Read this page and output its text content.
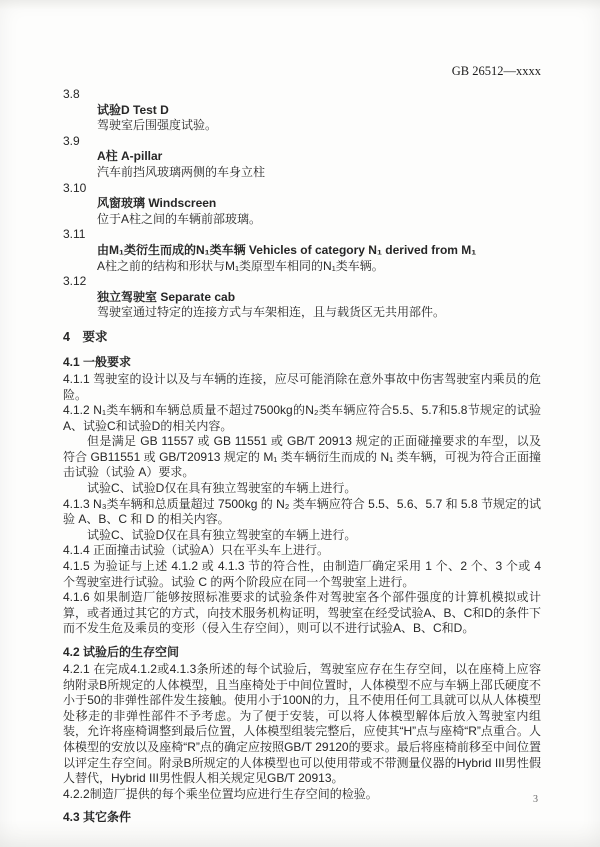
GB 26512—xxxx
3.8
试验D Test D
驾驶室后围强度试验。
3.9
A柱 A-pillar
汽车前挡风玻璃两侧的车身立柱
3.10
风窗玻璃 Windscreen
位于A柱之间的车辆前部玻璃。
3.11
由M₁类衍生而成的N₁类车辆 Vehicles of category N₁ derived from M₁
A柱之前的结构和形状与M₁类原型车相同的N₁类车辆。
3.12
独立驾驶室 Separate cab
驾驶室通过特定的连接方式与车架相连，且与载货区无共用部件。
4　要求
4.1 一般要求

4.1.1 驾驶室的设计以及与车辆的连接，应尽可能消除在意外事故中伤害驾驶室内乘员的危险。

4.1.2 N₁类车辆和车辆总质量不超过7500kg的N₂类车辆应符合5.5、5.7和5.8节规定的试验A、试验C和试验D的相关内容。

但是满足 GB 11557 或 GB 11551 或 GB/T 20913 规定的正面碰撞要求的车型，以及符合 GB11551 或 GB/T20913 规定的 M₁ 类车辆衍生而成的 N₁ 类车辆，可视为符合正面撞击试验（试验 A）要求。

试验C、试验D仅在具有独立驾驶室的车辆上进行。

4.1.3 N₃类车辆和总质量超过 7500kg 的 N₂ 类车辆应符合 5.5、5.6、5.7 和 5.8 节规定的试验 A、B、C 和 D 的相关内容。

试验C、试验D仅在具有独立驾驶室的车辆上进行。

4.1.4 正面撞击试验（试验A）只在平头车上进行。

4.1.5 为验证与上述 4.1.2 或 4.1.3 节的符合性，由制造厂确定采用 1 个、2 个、3 个或 4 个驾驶室进行试验。试验 C 的两个阶段应在同一个驾驶室上进行。

4.1.6 如果制造厂能够按照标准要求的试验条件对驾驶室各个部件强度的计算机模拟或计算，或者通过其它的方式，向技术服务机构证明，驾驶室在经受试验A、B、C和D的条件下而不发生危及乘员的变形（侵入生存空间），则可以不进行试验A、B、C和D。

4.2 试验后的生存空间

4.2.1 在完成4.1.2或4.1.3条所述的每个试验后，驾驶室应存在生存空间，以在座椅上应容纳附录B所规定的人体模型，且当座椅处于中间位置时，人体模型不应与车辆上邵氏硬度不小于50的非弹性部件发生接触。使用小于100N的力，且不使用任何工具就可以从人体模型处移走的非弹性部件不予考虑。为了便于安装，可以将人体模型解体后放入驾驶室内组装，允许将座椅调整到最后位置，人体模型组装完整后，应使其“H”点与座椅“R”点重合。人体模型的安放以及座椅“R”点的确定应按照GB/T 29120的要求。最后将座椅前移至中间位置以评定生存空间。附录B所规定的人体模型也可以使用带或不带测量仪器的Hybrid III男性假人替代，Hybrid III男性假人相关规定见GB/T 20913。

4.2.2制造厂提供的每个乘坐位置均应进行生存空间的检验。

4.3 其它条件
3
